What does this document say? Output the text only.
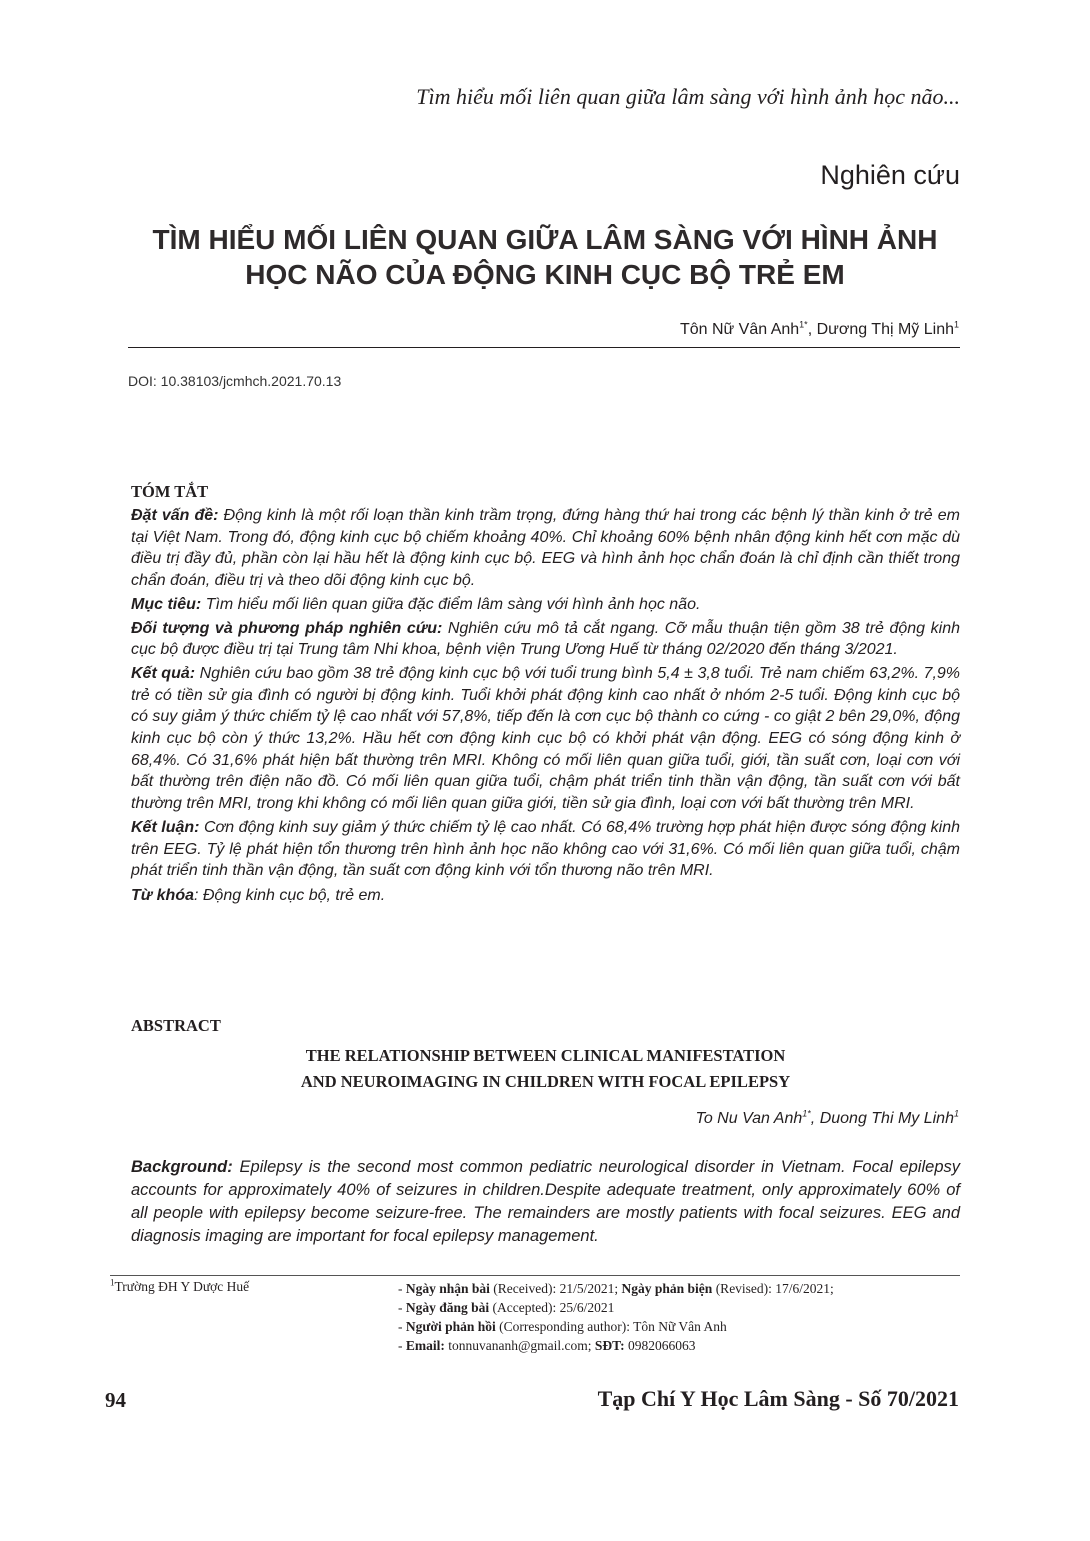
Tìm hiểu mối liên quan giữa lâm sàng với hình ảnh học não...
Nghiên cứu
TÌM HIỂU MỐI LIÊN QUAN GIỮA LÂM SÀNG VỚI HÌNH ẢNH
HỌC NÃO CỦA ĐỘNG KINH CỤC BỘ TRẺ EM
Tôn Nữ Vân Anh$^{1*}$, Dương Thị Mỹ Linh$^1$
DOI: 10.38103/jcmhch.2021.70.13
TÓM TẮT

Đặt vấn đề: Động kinh là một rối loạn thần kinh trầm trọng, đứng hàng thứ hai trong các bệnh lý thần kinh ở trẻ em tại Việt Nam. Trong đó, động kinh cục bộ chiếm khoảng 40%. Chỉ khoảng 60% bệnh nhân động kinh hết cơn mặc dù điều trị đầy đủ, phần còn lại hầu hết là động kinh cục bộ. EEG và hình ảnh học chẩn đoán là chỉ định cần thiết trong chẩn đoán, điều trị và theo dõi động kinh cục bộ.

Mục tiêu: Tìm hiểu mối liên quan giữa đặc điểm lâm sàng với hình ảnh học não.

Đối tượng và phương pháp nghiên cứu: Nghiên cứu mô tả cắt ngang. Cỡ mẫu thuận tiện gồm 38 trẻ động kinh cục bộ được điều trị tại Trung tâm Nhi khoa, bệnh viện Trung Ương Huế từ tháng 02/2020 đến tháng 3/2021.

Kết quả: Nghiên cứu bao gồm 38 trẻ động kinh cục bộ với tuổi trung bình 5,4 ± 3,8 tuổi. Trẻ nam chiếm 63,2%. 7,9% trẻ có tiền sử gia đình có người bị động kinh. Tuổi khởi phát động kinh cao nhất ở nhóm 2-5 tuổi. Động kinh cục bộ có suy giảm ý thức chiếm tỷ lệ cao nhất với 57,8%, tiếp đến là cơn cục bộ thành co cứng - co giật 2 bên 29,0%, động kinh cục bộ còn ý thức 13,2%. Hầu hết cơn động kinh cục bộ có khởi phát vận động. EEG có sóng động kinh ở 68,4%. Có 31,6% phát hiện bất thường trên MRI. Không có mối liên quan giữa tuổi, giới, tần suất cơn, loại cơn với bất thường trên điện não đồ. Có mối liên quan giữa tuổi, chậm phát triển tinh thần vận động, tần suất cơn với bất thường trên MRI, trong khi không có mối liên quan giữa giới, tiền sử gia đình, loại cơn với bất thường trên MRI.

Kết luận: Cơn động kinh suy giảm ý thức chiếm tỷ lệ cao nhất. Có 68,4% trường hợp phát hiện được sóng động kinh trên EEG. Tỷ lệ phát hiện tổn thương trên hình ảnh học não không cao với 31,6%. Có mối liên quan giữa tuổi, chậm phát triển tinh thần vận động, tần suất cơn động kinh với tổn thương não trên MRI.

Từ khóa: Động kinh cục bộ, trẻ em.

ABSTRACT
THE RELATIONSHIP BETWEEN CLINICAL MANIFESTATION
AND NEUROIMAGING IN CHILDREN WITH FOCAL EPILEPSY
To Nu Van Anh$^{1*}$, Duong Thi My Linh$^1$
Background: Epilepsy is the second most common pediatric neurological disorder in Vietnam. Focal epilepsy accounts for approximately 40% of seizures in children.Despite adequate treatment, only approximately 60% of all people with epilepsy become seizure-free. The remainders are mostly patients with focal seizures. EEG and diagnosis imaging are important for focal epilepsy management.
$^1$Trường ĐH Y Dược Huế	- Ngày nhận bài (Received): 21/5/2021; Ngày phản biện (Revised): 17/6/2021;
- Ngày đăng bài (Accepted): 25/6/2021
- Người phản hồi (Corresponding author): Tôn Nữ Vân Anh
- Email: tonnuvananh@gmail.com; SĐT: 0982066063
94	Tạp Chí Y Học Lâm Sàng - Số 70/2021
